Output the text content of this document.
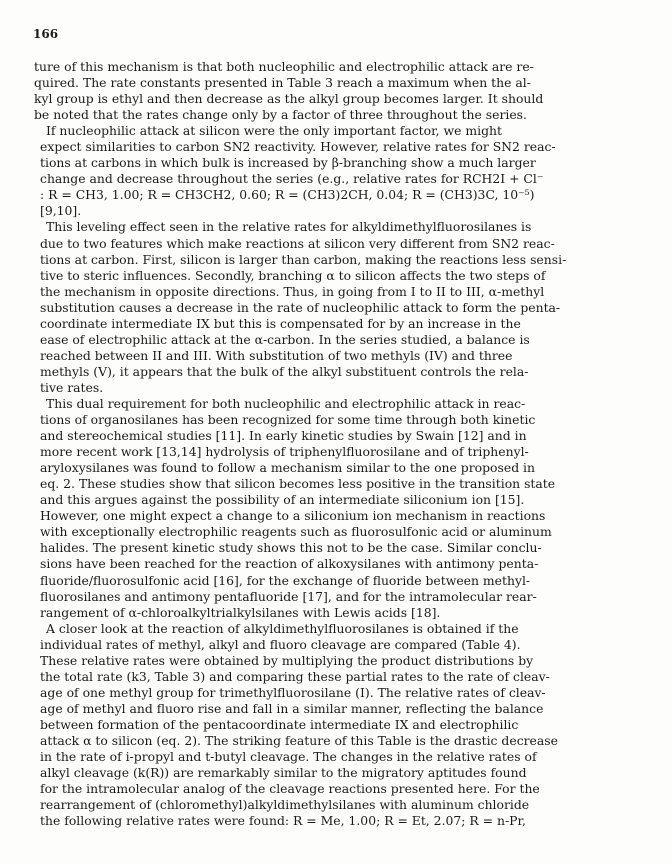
166
ture of this mechanism is that both nucleophilic and electrophilic attack are re-
quired. The rate constants presented in Table 3 reach a maximum when the al-
kyl group is ethyl and then decrease as the alkyl group becomes larger. It should
be noted that the rates change only by a factor of three throughout the series.
If nucleophilic attack at silicon were the only important factor, we might
expect similarities to carbon SN2 reactivity. However, relative rates for SN2 reac-
tions at carbons in which bulk is increased by β-branching show a much larger
change and decrease throughout the series (e.g., relative rates for RCH2I + Cl⁻
: R = CH3, 1.00; R = CH3CH2, 0.60; R = (CH3)2CH, 0.04; R = (CH3)3C, 10⁻⁵)
[9,10].
This leveling effect seen in the relative rates for alkyldimethylfluorosilanes is
due to two features which make reactions at silicon very different from SN2 reac-
tions at carbon. First, silicon is larger than carbon, making the reactions less sensi-
tive to steric influences. Secondly, branching α to silicon affects the two steps of
the mechanism in opposite directions. Thus, in going from I to II to III, α-methyl
substitution causes a decrease in the rate of nucleophilic attack to form the penta-
coordinate intermediate IX but this is compensated for by an increase in the
ease of electrophilic attack at the α-carbon. In the series studied, a balance is
reached between II and III. With substitution of two methyls (IV) and three
methyls (V), it appears that the bulk of the alkyl substituent controls the rela-
tive rates.
This dual requirement for both nucleophilic and electrophilic attack in reac-
tions of organosilanes has been recognized for some time through both kinetic
and stereochemical studies [11]. In early kinetic studies by Swain [12] and in
more recent work [13,14] hydrolysis of triphenylfluorosilane and of triphenyl-
aryloxysilanes was found to follow a mechanism similar to the one proposed in
eq. 2. These studies show that silicon becomes less positive in the transition state
and this argues against the possibility of an intermediate siliconium ion [15].
However, one might expect a change to a siliconium ion mechanism in reactions
with exceptionally electrophilic reagents such as fluorosulfonic acid or aluminum
halides. The present kinetic study shows this not to be the case. Similar conclu-
sions have been reached for the reaction of alkoxysilanes with antimony penta-
fluoride/fluorosulfonic acid [16], for the exchange of fluoride between methyl-
fluorosilanes and antimony pentafluoride [17], and for the intramolecular rear-
rangement of α-chloroalkyltrialkylsilanes with Lewis acids [18].
A closer look at the reaction of alkyldimethylfluorosilanes is obtained if the
individual rates of methyl, alkyl and fluoro cleavage are compared (Table 4).
These relative rates were obtained by multiplying the product distributions by
the total rate (k3, Table 3) and comparing these partial rates to the rate of cleav-
age of one methyl group for trimethylfluorosilane (I). The relative rates of cleav-
age of methyl and fluoro rise and fall in a similar manner, reflecting the balance
between formation of the pentacoordinate intermediate IX and electrophilic
attack α to silicon (eq. 2). The striking feature of this Table is the drastic decrease
in the rate of i-propyl and t-butyl cleavage. The changes in the relative rates of
alkyl cleavage (k(R)) are remarkably similar to the migratory aptitudes found
for the intramolecular analog of the cleavage reactions presented here. For the
rearrangement of (chloromethyl)alkyldimethylsilanes with aluminum chloride
the following relative rates were found: R = Me, 1.00; R = Et, 2.07; R = n-Pr,
